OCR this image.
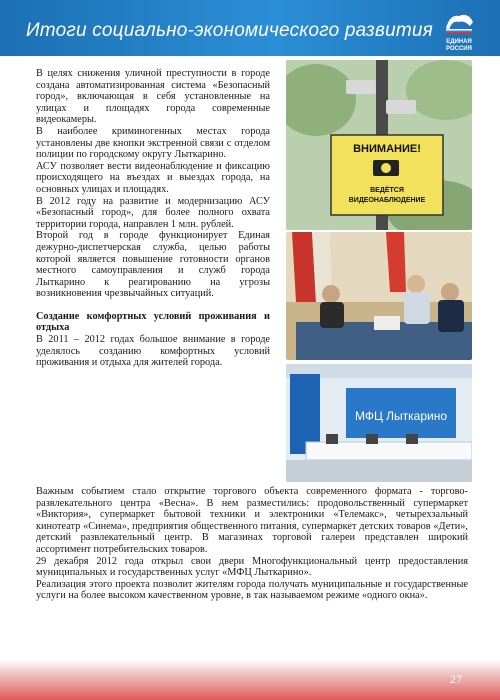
Итоги социально-экономического развития
ЕДИНАЯ РОССИЯ

В целях снижения уличной преступности в городе создана автоматизированная система «Безопасный город», включающая в себя установленные на улицах и площадях города современные видеокамеры.

В наиболее криминогенных местах города установлены две кнопки экстренной связи с отделом полиции по городскому округу Лыткарино.

АСУ позволяет вести видеонаблюдение и фиксацию происходящего на въездах и выездах города, на основных улицах и площадях.

В 2012 году на развитие и модернизацию АСУ «Безопасный город», для более полного охвата территории города, направлен 1 млн. рублей.

Второй год в городе функционирует Единая дежурно-диспетчерская служба, целью работы которой является повышение готовности органов местного самоуправления и служб города Лыткарино к реагированию на угрозы возникновения чрезвычайных ситуаций.

Создание комфортных условий проживания и отдыха

В 2011 – 2012 годах большое внимание в городе уделялось созданию комфортных условий проживания и отдыха для жителей города.

ВНИМАНИЕ!
ВЕДЁТСЯ
ВИДЕОНАБЛЮДЕНИЕ
МФЦ Лыткарино

Важным событием стало открытие торгового объекта современного формата - торгово-развлекательного центра «Весна». В нем разместились: продовольственный супермаркет «Виктория», супермаркет бытовой техники и электроники «Телемакс», четырехзальный кинотеатр «Синема», предприятия общественного питания, супермаркет детских товаров «Дети», детский развлекательный центр. В магазинах торговой галереи представлен широкий ассортимент потребительских товаров.

29 декабря 2012 года открыл свои двери Многофункциональный центр предоставления муниципальных и государственных услуг «МФЦ Лыткарино».

Реализация этого проекта позволит жителям города получать муниципальные и государственные услуги на более высоком качественном уровне, в так называемом режиме «одного окна».

27
